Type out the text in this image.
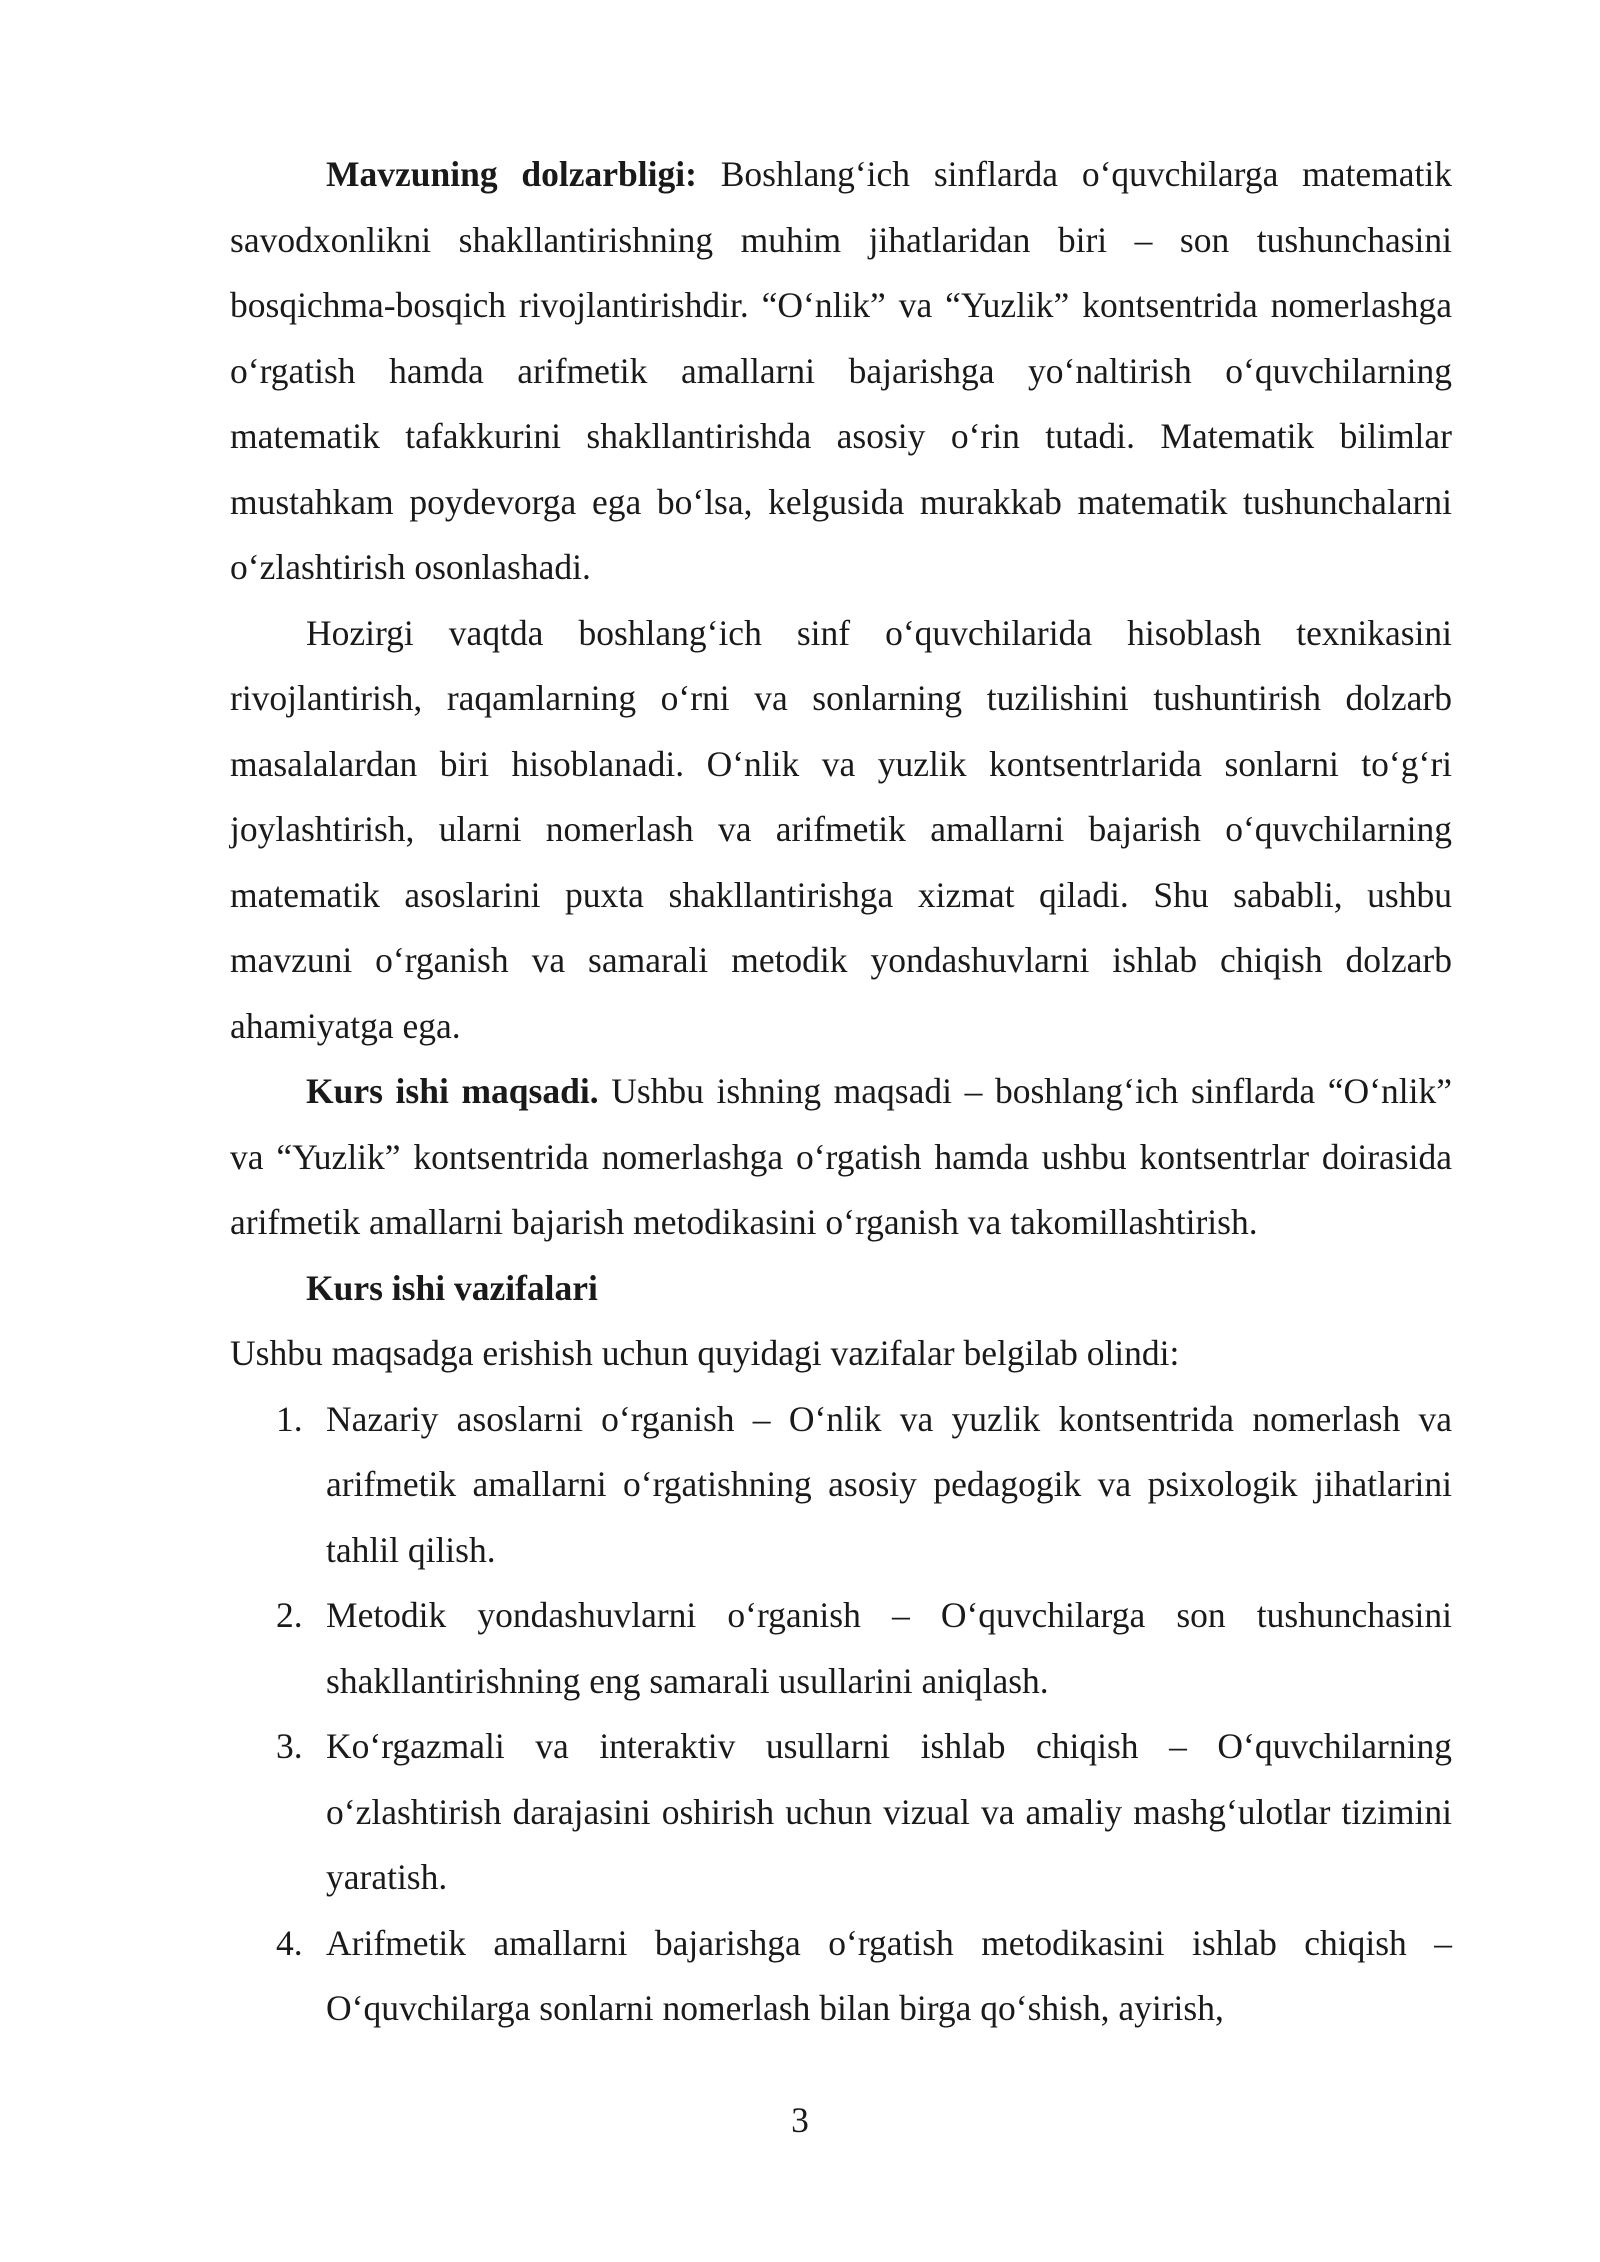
Mavzuning dolzarbligi: Boshlang‘ich sinflarda o‘quvchilarga matematik savodxonlikni shakllantirishning muhim jihatlaridan biri – son tushunchasini bosqichma-bosqich rivojlantirishdir. “O‘nlik” va “Yuzlik” kontsentrida nomerlashga o‘rgatish hamda arifmetik amallarni bajarishga yo‘naltirish o‘quvchilarning matematik tafakkurini shakllantirishda asosiy o‘rin tutadi. Matematik bilimlar mustahkam poydevorga ega bo‘lsa, kelgusida murakkab matematik tushunchalarni o‘zlashtirish osonlashadi.

Hozirgi vaqtda boshlang‘ich sinf o‘quvchilarida hisoblash texnikasini rivojlantirish, raqamlarning o‘rni va sonlarning tuzilishini tushuntirish dolzarb masalalardan biri hisoblanadi. O‘nlik va yuzlik kontsentrlarida sonlarni to‘g‘ri joylashtirish, ularni nomerlash va arifmetik amallarni bajarish o‘quvchilarning matematik asoslarini puxta shakllantirishga xizmat qiladi. Shu sababli, ushbu mavzuni o‘rganish va samarali metodik yondashuvlarni ishlab chiqish dolzarb ahamiyatga ega.

Kurs ishi maqsadi. Ushbu ishning maqsadi – boshlang‘ich sinflarda “O‘nlik” va “Yuzlik” kontsentrida nomerlashga o‘rgatish hamda ushbu kontsentrlar doirasida arifmetik amallarni bajarish metodikasini o‘rganish va takomillashtirish.

Kurs ishi vazifalari

Ushbu maqsadga erishish uchun quyidagi vazifalar belgilab olindi:

1. Nazariy asoslarni o‘rganish – O‘nlik va yuzlik kontsentrida nomerlash va arifmetik amallarni o‘rgatishning asosiy pedagogik va psixologik jihatlarini tahlil qilish.
2. Metodik yondashuvlarni o‘rganish – O‘quvchilarga son tushunchasini shakllantirishning eng samarali usullarini aniqlash.
3. Ko‘rgazmali va interaktiv usullarni ishlab chiqish – O‘quvchilarning o‘zlashtirish darajasini oshirish uchun vizual va amaliy mashg‘ulotlar tizimini yaratish.
4. Arifmetik amallarni bajarishga o‘rgatish metodikasini ishlab chiqish – O‘quvchilarga sonlarni nomerlash bilan birga qo‘shish, ayirish,
3
